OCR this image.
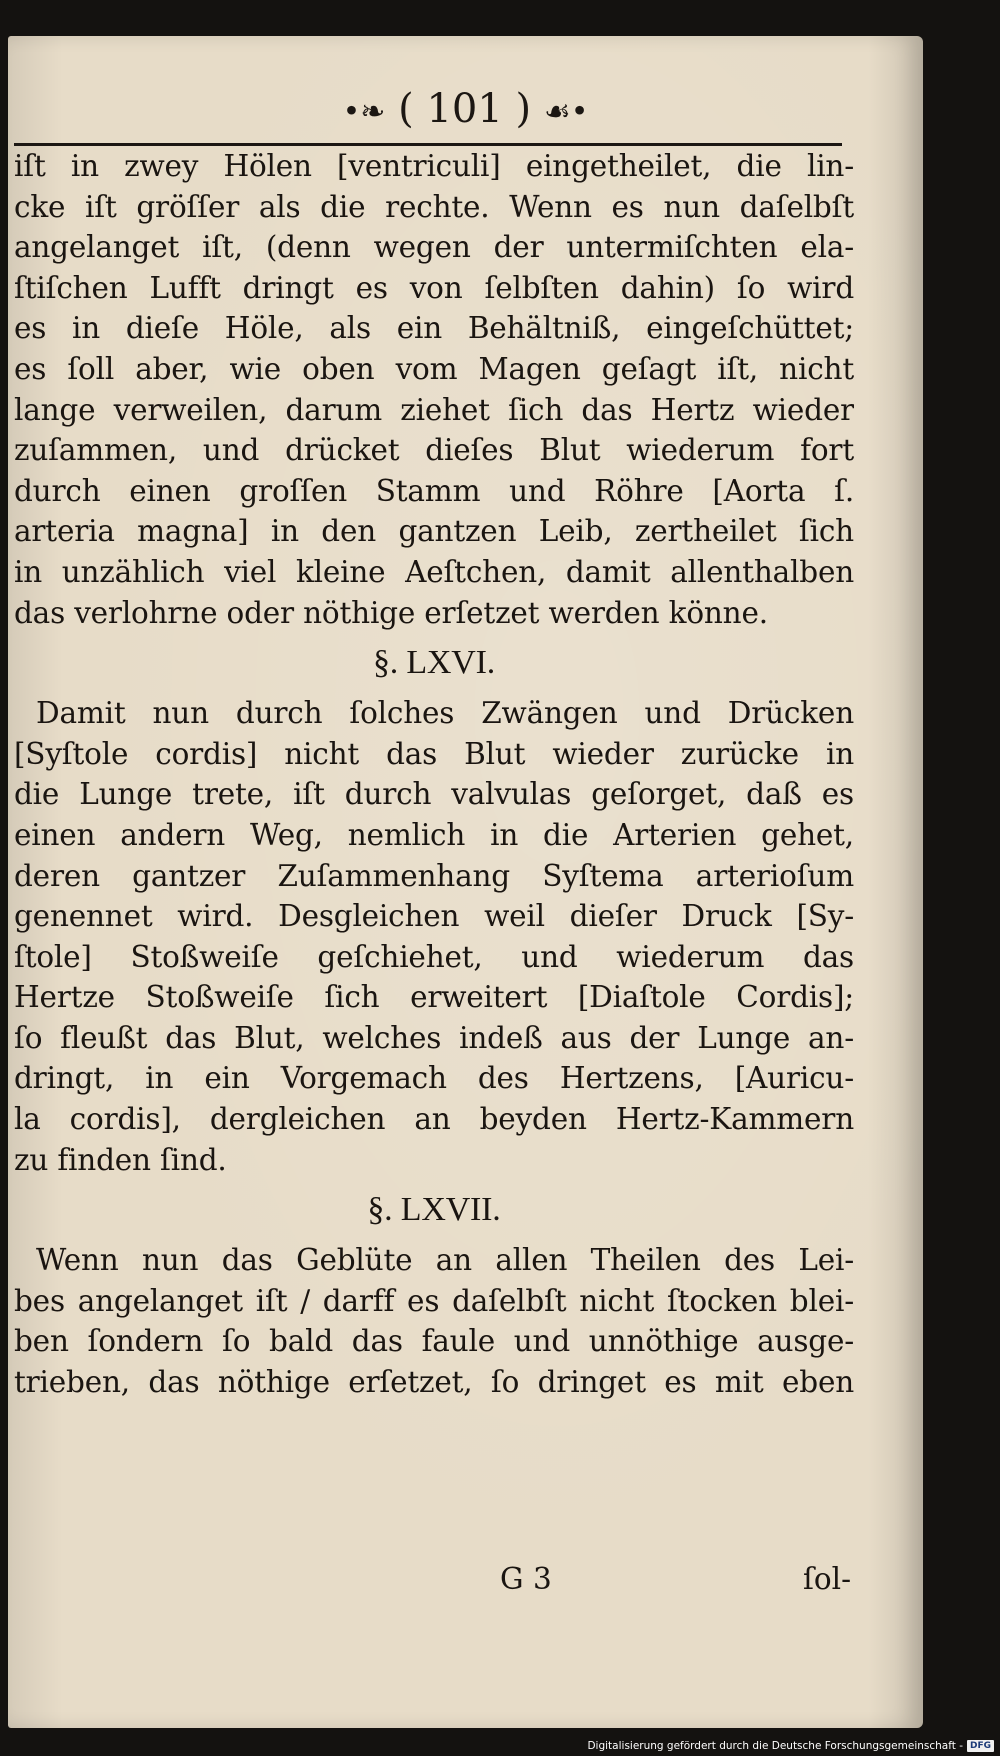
•❧ ( 101 ) ☙•
iſt in zwey Hölen [ventriculi] eingetheilet, die lin-
cke iſt gröſſer als die rechte. Wenn es nun daſelbſt
angelanget iſt, (denn wegen der untermiſchten ela-
ſtiſchen Lufft dringt es von ſelbſten dahin) ſo wird
es in dieſe Höle, als ein Behältniß, eingeſchüttet;
es ſoll aber, wie oben vom Magen geſagt iſt, nicht
lange verweilen, darum ziehet ſich das Hertz wieder
zuſammen, und drücket dieſes Blut wiederum fort
durch einen groſſen Stamm und Röhre [Aorta ſ.
arteria magna] in den gantzen Leib, zertheilet ſich
in unzählich viel kleine Aeſtchen, damit allenthalben
das verlohrne oder nöthige erſetzet werden könne.
§. LXVI.
Damit nun durch ſolches Zwängen und Drücken
[Syſtole cordis] nicht das Blut wieder zurücke in
die Lunge trete, iſt durch valvulas geſorget, daß es
einen andern Weg, nemlich in die Arterien gehet,
deren gantzer Zuſammenhang Syſtema arterioſum
genennet wird. Desgleichen weil dieſer Druck [Sy-
ſtole] Stoßweiſe geſchiehet, und wiederum das
Hertze Stoßweiſe ſich erweitert [Diaſtole Cordis];
ſo fleußt das Blut, welches indeß aus der Lunge an-
dringt, in ein Vorgemach des Hertzens, [Auricu-
la cordis], dergleichen an beyden Hertz-Kammern
zu finden ſind.
§. LXVII.
Wenn nun das Geblüte an allen Theilen des Lei-
bes angelanget iſt / darff es daſelbſt nicht ſtocken blei-
ben ſondern ſo bald das faule und unnöthige ausge-
trieben, das nöthige erſetzet, ſo dringet es mit eben
G 3	ſol-
Digitalisierung gefördert durch die Deutsche Forschungsgemeinschaft - DFG
